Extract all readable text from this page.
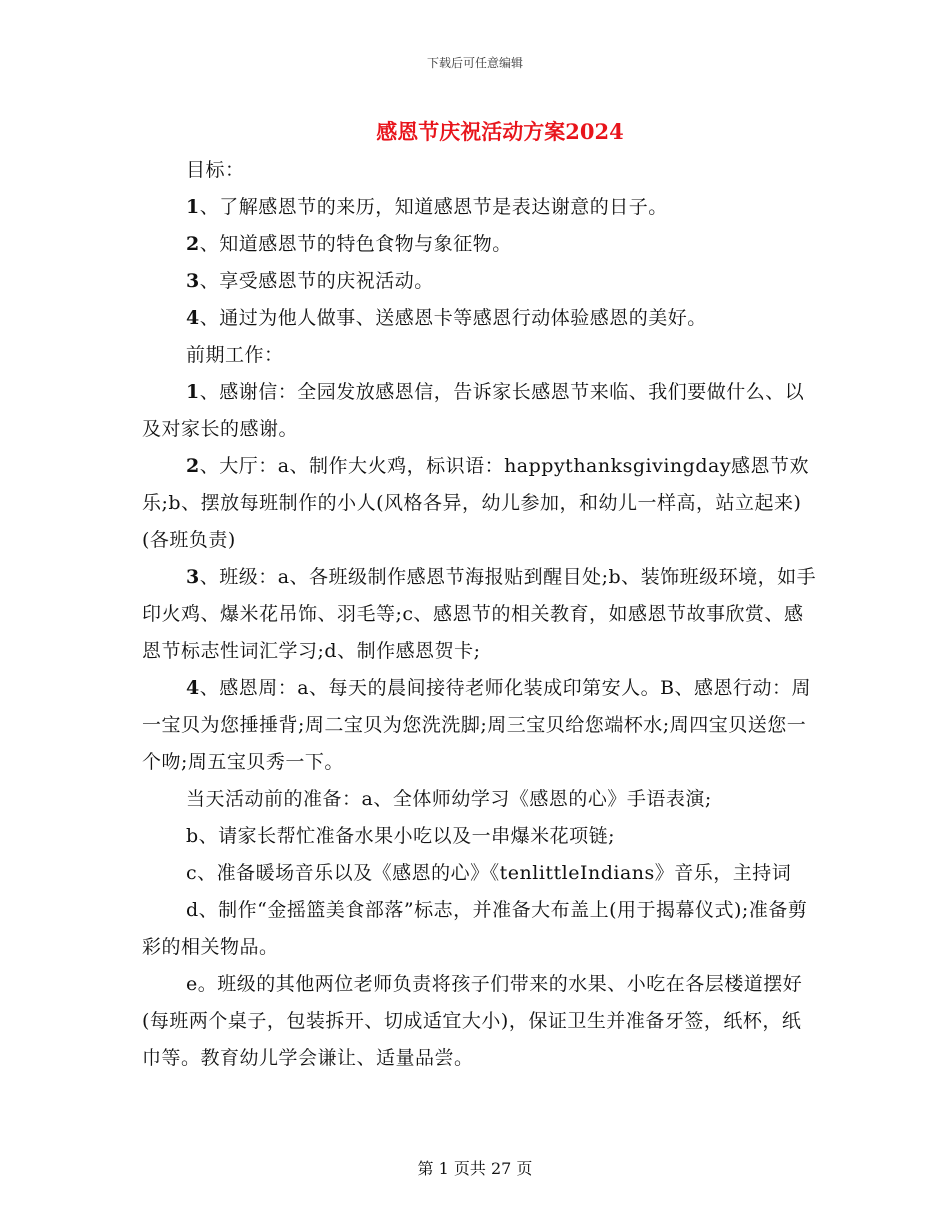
下载后可任意编辑
感恩节庆祝活动方案2024

目标：

1、了解感恩节的来历，知道感恩节是表达谢意的日子。

2、知道感恩节的特色食物与象征物。

3、享受感恩节的庆祝活动。

4、通过为他人做事、送感恩卡等感恩行动体验感恩的美好。

前期工作：

1、感谢信：全园发放感恩信，告诉家长感恩节来临、我们要做什么、以及对家长的感谢。

2、大厅：a、制作大火鸡，标识语：happythanksgivingday感恩节欢乐;b、摆放每班制作的小人(风格各异，幼儿参加，和幼儿一样高，站立起来)(各班负责)

3、班级：a、各班级制作感恩节海报贴到醒目处;b、装饰班级环境，如手印火鸡、爆米花吊饰、羽毛等;c、感恩节的相关教育，如感恩节故事欣赏、感恩节标志性词汇学习;d、制作感恩贺卡;

4、感恩周：a、每天的晨间接待老师化装成印第安人。B、感恩行动：周一宝贝为您捶捶背;周二宝贝为您洗洗脚;周三宝贝给您端杯水;周四宝贝送您一个吻;周五宝贝秀一下。

当天活动前的准备：a、全体师幼学习《感恩的心》手语表演;

b、请家长帮忙准备水果小吃以及一串爆米花项链;

c、准备暖场音乐以及《感恩的心》《tenlittleIndians》音乐，主持词

d、制作“金摇篮美食部落”标志，并准备大布盖上(用于揭幕仪式);准备剪彩的相关物品。

e。班级的其他两位老师负责将孩子们带来的水果、小吃在各层楼道摆好(每班两个桌子，包装拆开、切成适宜大小)，保证卫生并准备牙签，纸杯，纸巾等。教育幼儿学会谦让、适量品尝。

第 1 页共 27 页
